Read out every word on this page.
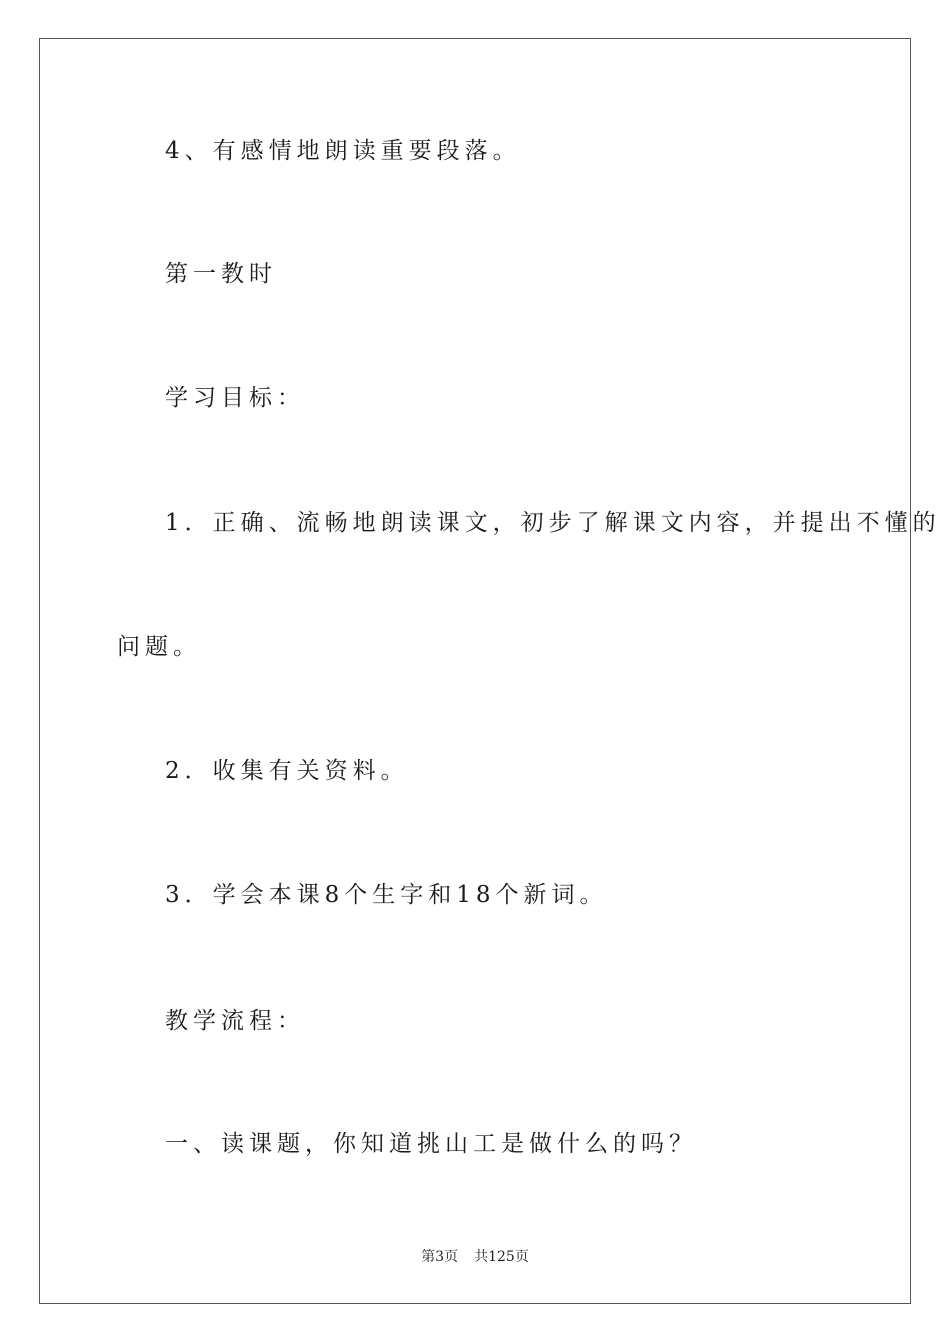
4、有感情地朗读重要段落。
第一教时
学习目标：
1．正确、流畅地朗读课文，初步了解课文内容，并提出不懂的
问题。
2．收集有关资料。
3．学会本课8个生字和18个新词。
教学流程：
一、读课题，你知道挑山工是做什么的吗？
第3页 共125页
